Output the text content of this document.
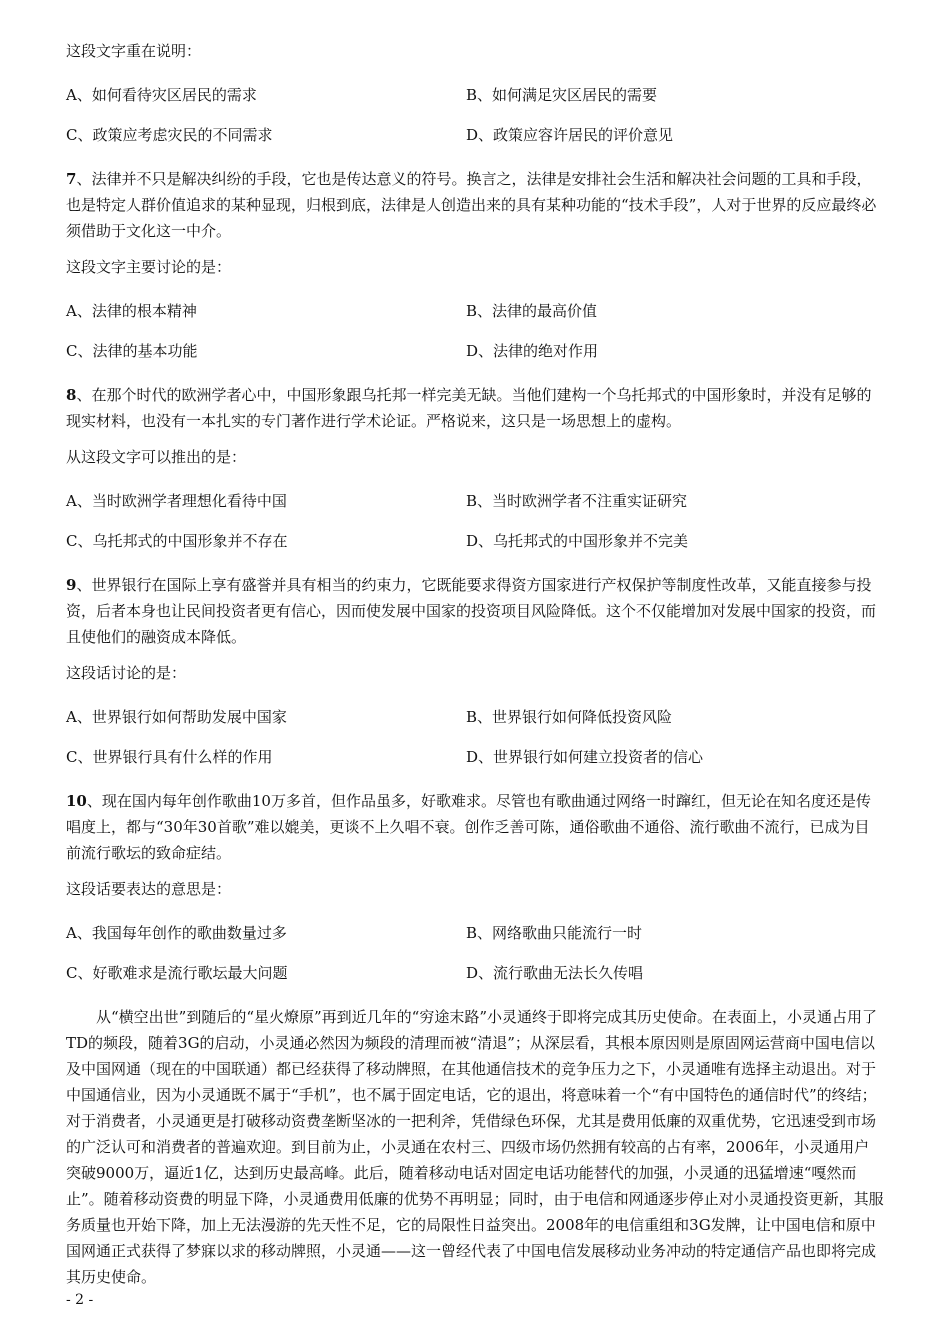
这段文字重在说明：

A、如何看待灾区居民的需求	B、如何满足灾区居民的需要
C、政策应考虑灾民的不同需求	D、政策应容许居民的评价意见

7、法律并不只是解决纠纷的手段，它也是传达意义的符号。换言之，法律是安排社会生活和解决社会问题的工具和手段，也是特定人群价值追求的某种显现，归根到底，法律是人创造出来的具有某种功能的“技术手段”，人对于世界的反应最终必须借助于文化这一中介。

这段文字主要讨论的是：

A、法律的根本精神	B、法律的最高价值
C、法律的基本功能	D、法律的绝对作用

8、在那个时代的欧洲学者心中，中国形象跟乌托邦一样完美无缺。当他们建构一个乌托邦式的中国形象时，并没有足够的现实材料，也没有一本扎实的专门著作进行学术论证。严格说来，这只是一场思想上的虚构。

从这段文字可以推出的是：

A、当时欧洲学者理想化看待中国	B、当时欧洲学者不注重实证研究
C、乌托邦式的中国形象并不存在	D、乌托邦式的中国形象并不完美

9、世界银行在国际上享有盛誉并具有相当的约束力，它既能要求得资方国家进行产权保护等制度性改革，又能直接参与投资，后者本身也让民间投资者更有信心，因而使发展中国家的投资项目风险降低。这个不仅能增加对发展中国家的投资，而且使他们的融资成本降低。

这段话讨论的是：

A、世界银行如何帮助发展中国家	B、世界银行如何降低投资风险
C、世界银行具有什么样的作用	D、世界银行如何建立投资者的信心

10、现在国内每年创作歌曲10万多首，但作品虽多，好歌难求。尽管也有歌曲通过网络一时蹿红，但无论在知名度还是传唱度上，都与“30年30首歌”难以媲美，更谈不上久唱不衰。创作乏善可陈，通俗歌曲不通俗、流行歌曲不流行，已成为目前流行歌坛的致命症结。

这段话要表达的意思是：

A、我国每年创作的歌曲数量过多	B、网络歌曲只能流行一时
C、好歌难求是流行歌坛最大问题	D、流行歌曲无法长久传唱

从“横空出世”到随后的“星火燎原”再到近几年的“穷途末路”小灵通终于即将完成其历史使命。在表面上，小灵通占用了TD的频段，随着3G的启动，小灵通必然因为频段的清理而被“清退”；从深层看，其根本原因则是原固网运营商中国电信以及中国网通（现在的中国联通）都已经获得了移动牌照，在其他通信技术的竞争压力之下，小灵通唯有选择主动退出。对于中国通信业，因为小灵通既不属于“手机”，也不属于固定电话，它的退出，将意味着一个“有中国特色的通信时代”的终结；对于消费者，小灵通更是打破移动资费垄断坚冰的一把利斧，凭借绿色环保，尤其是费用低廉的双重优势，它迅速受到市场的广泛认可和消费者的普遍欢迎。到目前为止，小灵通在农村三、四级市场仍然拥有较高的占有率，2006年，小灵通用户突破9000万，逼近1亿，达到历史最高峰。此后，随着移动电话对固定电话功能替代的加强，小灵通的迅猛增速“嘎然而止”。随着移动资费的明显下降，小灵通费用低廉的优势不再明显；同时，由于电信和网通逐步停止对小灵通投资更新，其服务质量也开始下降，加上无法漫游的先天性不足，它的局限性日益突出。2008年的电信重组和3G发牌，让中国电信和原中国网通正式获得了梦寐以求的移动牌照，小灵通——这一曾经代表了中国电信发展移动业务冲动的特定通信产品也即将完成其历史使命。

- 2 -
